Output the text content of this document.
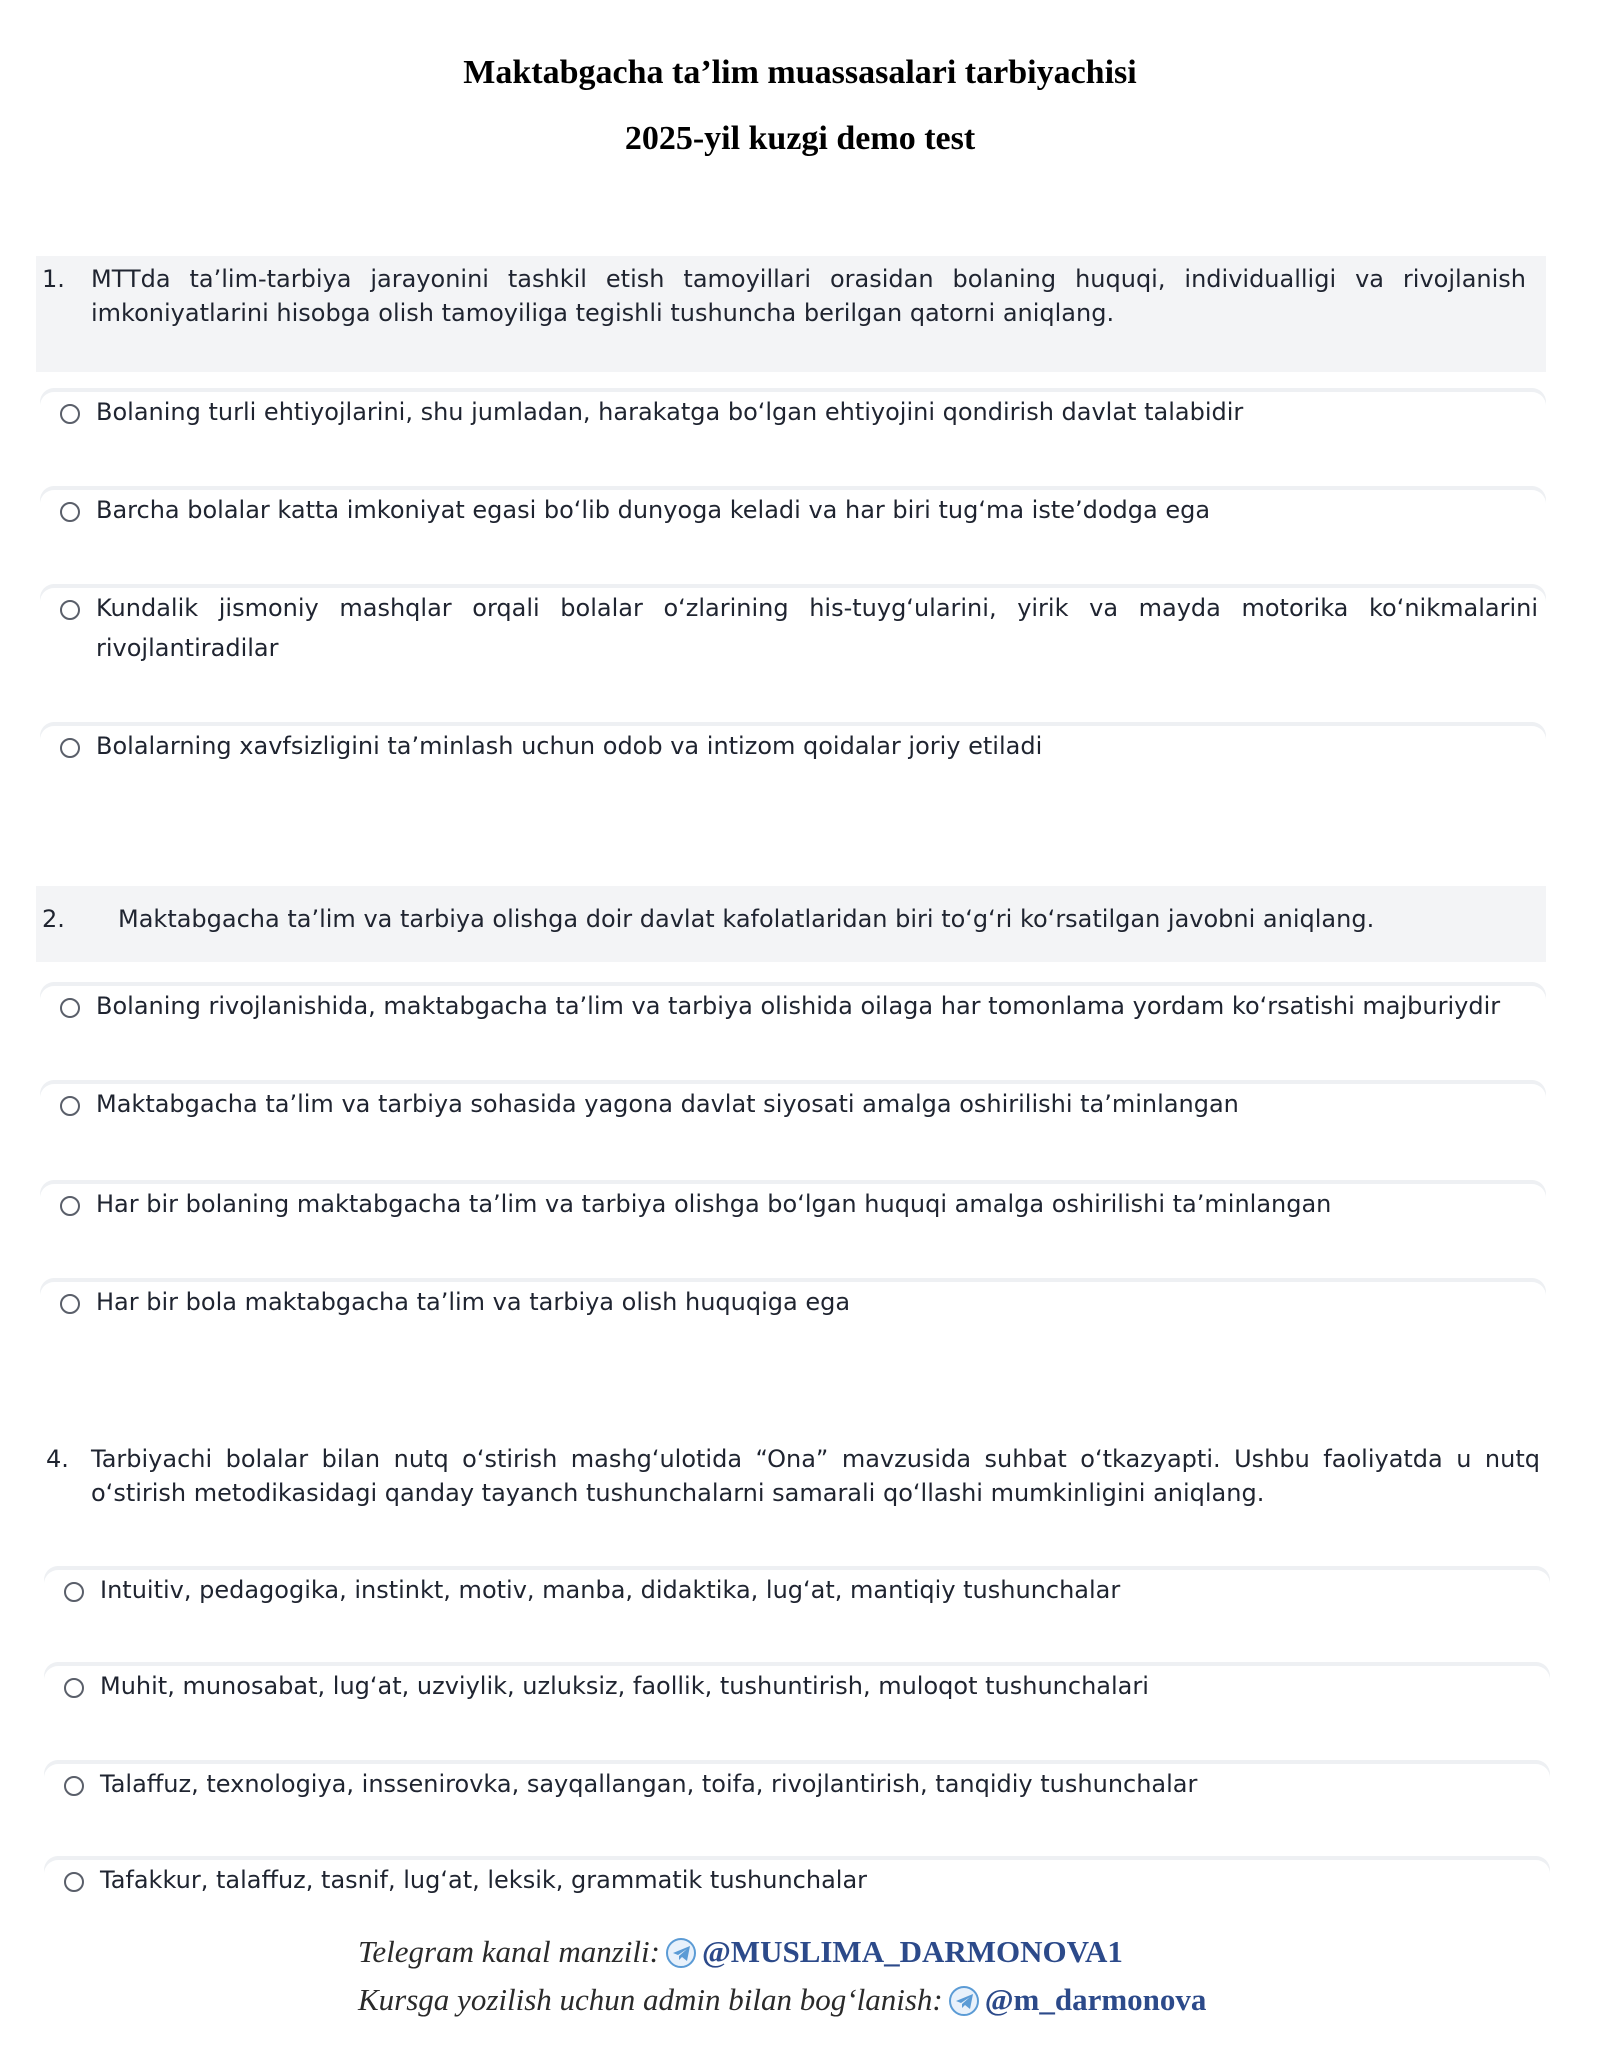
Maktabgacha ta’lim muassasalari tarbiyachisi
2025-yil kuzgi demo test
1.	MTTda ta’lim-tarbiya jarayonini tashkil etish tamoyillari orasidan bolaning huquqi, individualligi va rivojlanish imkoniyatlarini hisobga olish tamoyiliga tegishli tushuncha berilgan qatorni aniqlang.
Bolaning turli ehtiyojlarini, shu jumladan, harakatga bo‘lgan ehtiyojini qondirish davlat talabidir
Barcha bolalar katta imkoniyat egasi bo‘lib dunyoga keladi va har biri tug‘ma iste’dodga ega
Kundalik jismoniy mashqlar orqali bolalar o‘zlarining his-tuyg‘ularini, yirik va mayda motorika ko‘nikmalarini rivojlantiradilar
Bolalarning xavfsizligini ta’minlash uchun odob va intizom qoidalar joriy etiladi
2.	Maktabgacha ta’lim va tarbiya olishga doir davlat kafolatlaridan biri to‘g‘ri ko‘rsatilgan javobni aniqlang.
Bolaning rivojlanishida, maktabgacha ta’lim va tarbiya olishida oilaga har tomonlama yordam ko‘rsatishi majburiydir
Maktabgacha ta’lim va tarbiya sohasida yagona davlat siyosati amalga oshirilishi ta’minlangan
Har bir bolaning maktabgacha ta’lim va tarbiya olishga bo‘lgan huquqi amalga oshirilishi ta’minlangan
Har bir bola maktabgacha ta’lim va tarbiya olish huquqiga ega
4. Tarbiyachi bolalar bilan nutq o‘stirish mashg‘ulotida “Ona” mavzusida suhbat o‘tkazyapti. Ushbu faoliyatda u nutq o‘stirish metodikasidagi qanday tayanch tushunchalarni samarali qo‘llashi mumkinligini aniqlang.
Intuitiv, pedagogika, instinkt, motiv, manba, didaktika, lug‘at, mantiqiy tushunchalar
Muhit, munosabat, lug‘at, uzviylik, uzluksiz, faollik, tushuntirish, muloqot tushunchalari
Talaffuz, texnologiya, inssenirovka, sayqallangan, toifa, rivojlantirish, tanqidiy tushunchalar
Tafakkur, talaffuz, tasnif, lug‘at, leksik, grammatik tushunchalar
Telegram kanal manzili: @MUSLIMA_DARMONOVA1
Kursga yozilish uchun admin bilan bog‘lanish: @m_darmonova
